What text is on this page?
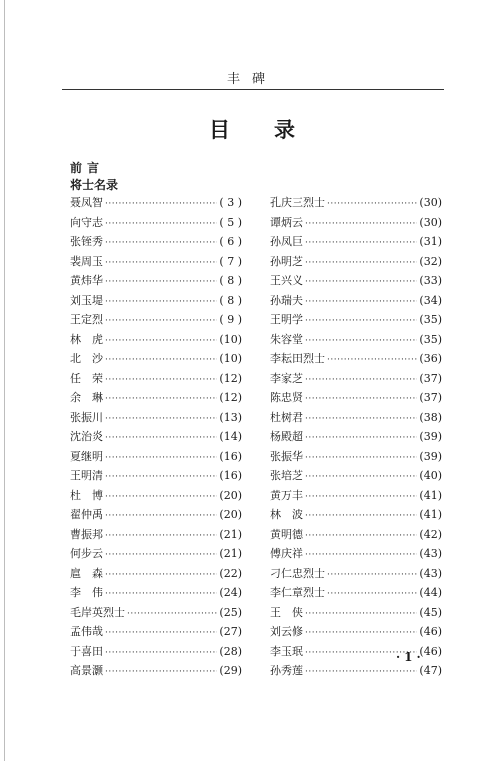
丰碑
目录
前言
将士名录
聂凤智 ·····	( 3 )
向守志 ·····	( 5 )
张铚秀 ·····	( 6 )
裴周玉 ·····	( 7 )
黄炜华 ·····	( 8 )
刘玉堤 ·····	( 8 )
王定烈 ·····	( 9 )
林　虎 ·····	(10)
北　沙 ·····	(10)
任　荣 ·····	(12)
余　琳 ·····	(12)
张振川 ·····	(13)
沈治炎 ·····	(14)
夏继明 ·····	(16)
王明清 ·····	(16)
杜　博 ·····	(20)
翟仲禹 ·····	(20)
曹振邦 ·····	(21)
何步云 ·····	(21)
扈　森 ·····	(22)
李　伟 ·····	(24)
毛岸英烈士 ·····	(25)
孟伟哉 ·····	(27)
于喜田 ·····	(28)
高景灏 ·····	(29)
孔庆三烈士 ·····	(30)
谭炳云 ·····	(30)
孙凤巨 ·····	(31)
孙明芝 ·····	(32)
王兴义 ·····	(33)
孙瑞夫 ·····	(34)
王明学 ·····	(35)
朱容堂 ·····	(35)
李耘田烈士 ·····	(36)
李家芝 ·····	(37)
陈忠贤 ·····	(37)
杜树君 ·····	(38)
杨殿超 ·····	(39)
张振华 ·····	(39)
张培芝 ·····	(40)
黄万丰 ·····	(41)
林　波 ·····	(41)
黄明德 ·····	(42)
傅庆祥 ·····	(43)
刁仁忠烈士 ·····	(43)
李仁章烈士 ·····	(44)
王　侠 ·····	(45)
刘云修 ·····	(46)
李玉珉 ·····	(46)
孙秀莲 ·····	(47)
·1·
